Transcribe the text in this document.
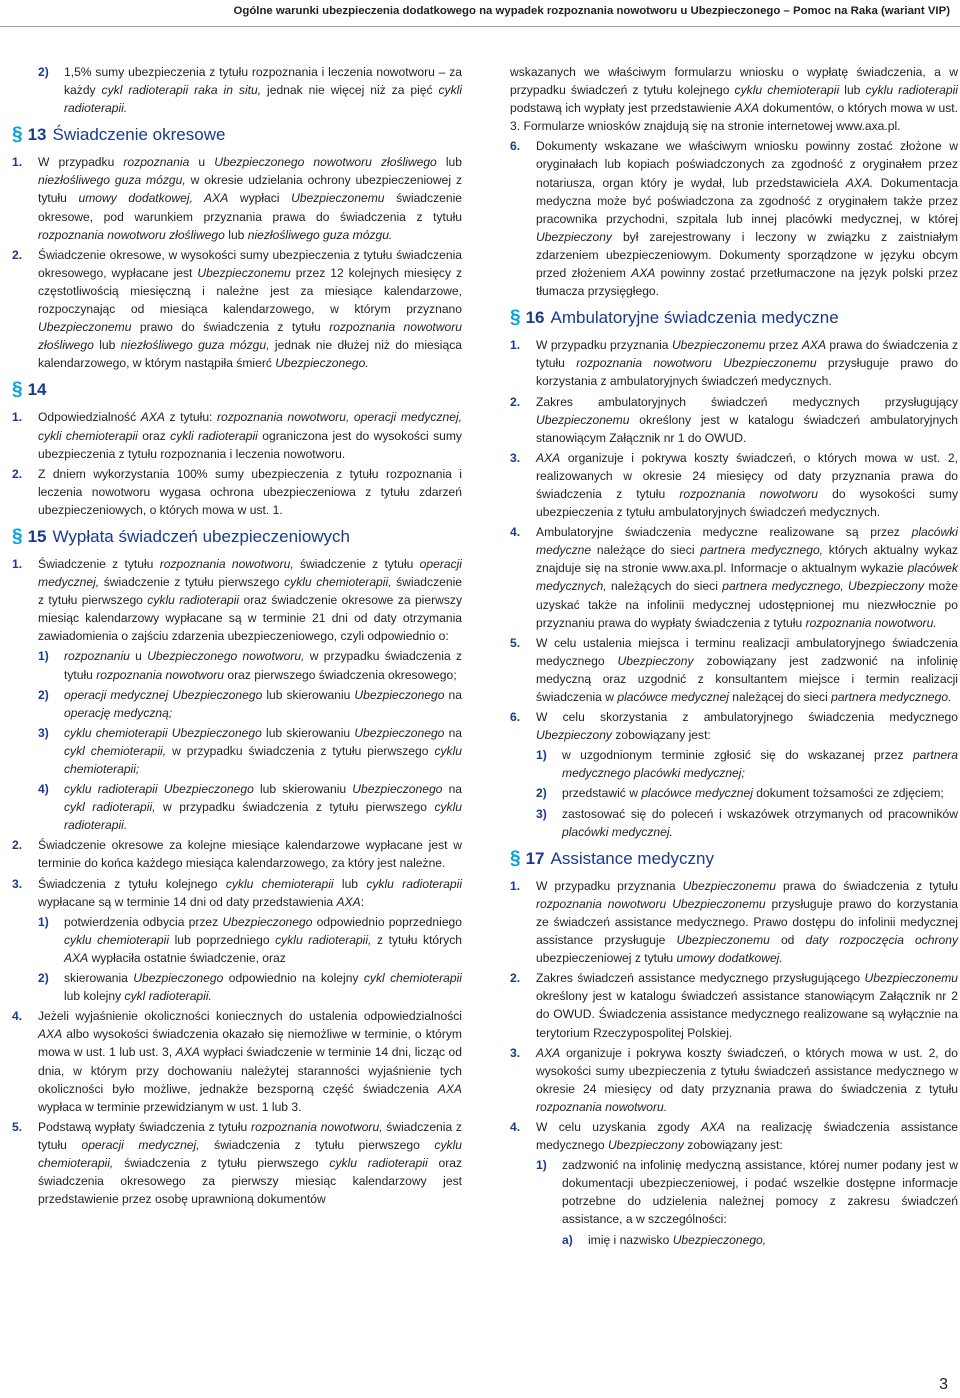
Ogólne warunki ubezpieczenia dodatkowego na wypadek rozpoznania nowotworu u Ubezpieczonego – Pomoc na Raka (wariant VIP)
2)	1,5% sumy ubezpieczenia z tytułu rozpoznania i leczenia nowotworu – za każdy cykl radioterapii raka in situ, jednak nie więcej niż za pięć cykli radioterapii.
§ 13 Świadczenie okresowe
1.	W przypadku rozpoznania u Ubezpieczonego nowotworu złośliwego lub niezłośliwego guza mózgu, w okresie udzielania ochrony ubezpieczeniowej z tytułu umowy dodatkowej, AXA wypłaci Ubezpieczonemu świadczenie okresowe, pod warunkiem przyznania prawa do świadczenia z tytułu rozpoznania nowotworu złośliwego lub niezłośliwego guza mózgu.
2.	Świadczenie okresowe, w wysokości sumy ubezpieczenia z tytułu świadczenia okresowego, wypłacane jest Ubezpieczonemu przez 12 kolejnych miesięcy z częstotliwością miesięczną i należne jest za miesiące kalendarzowe, rozpoczynając od miesiąca kalendarzowego, w którym przyznano Ubezpieczonemu prawo do świadczenia z tytułu rozpoznania nowotworu złośliwego lub niezłośliwego guza mózgu, jednak nie dłużej niż do miesiąca kalendarzowego, w którym nastąpiła śmierć Ubezpieczonego.
§ 14
1.	Odpowiedzialność AXA z tytułu: rozpoznania nowotworu, operacji medycznej, cykli chemioterapii oraz cykli radioterapii ograniczona jest do wysokości sumy ubezpieczenia z tytułu rozpoznania i leczenia nowotworu.
2.	Z dniem wykorzystania 100% sumy ubezpieczenia z tytułu rozpoznania i leczenia nowotworu wygasa ochrona ubezpieczeniowa z tytułu zdarzeń ubezpieczeniowych, o których mowa w ust. 1.
§ 15 Wypłata świadczeń ubezpieczeniowych
1.	Świadczenie z tytułu rozpoznania nowotworu, świadczenie z tytułu operacji medycznej, świadczenie z tytułu pierwszego cyklu chemioterapii, świadczenie z tytułu pierwszego cyklu radioterapii oraz świadczenie okresowe za pierwszy miesiąc kalendarzowy wypłacane są w terminie 21 dni od daty otrzymania zawiadomienia o zajściu zdarzenia ubezpieczeniowego, czyli odpowiednio o:
1)	rozpoznaniu u Ubezpieczonego nowotworu, w przypadku świadczenia z tytułu rozpoznania nowotworu oraz pierwszego świadczenia okresowego;
2)	operacji medycznej Ubezpieczonego lub skierowaniu Ubezpieczonego na operację medyczną;
3)	cyklu chemioterapii Ubezpieczonego lub skierowaniu Ubezpieczonego na cykl chemioterapii, w przypadku świadczenia z tytułu pierwszego cyklu chemioterapii;
4)	cyklu radioterapii Ubezpieczonego lub skierowaniu Ubezpieczonego na cykl radioterapii, w przypadku świadczenia z tytułu pierwszego cyklu radioterapii.
2.	Świadczenie okresowe za kolejne miesiące kalendarzowe wypłacane jest w terminie do końca każdego miesiąca kalendarzowego, za który jest należne.
3.	Świadczenia z tytułu kolejnego cyklu chemioterapii lub cyklu radioterapii wypłacane są w terminie 14 dni od daty przedstawienia AXA:
1)	potwierdzenia odbycia przez Ubezpieczonego odpowiednio poprzedniego cyklu chemioterapii lub poprzedniego cyklu radioterapii, z tytułu których AXA wypłaciła ostatnie świadczenie, oraz
2)	skierowania Ubezpieczonego odpowiednio na kolejny cykl chemioterapii lub kolejny cykl radioterapii.
4.	Jeżeli wyjaśnienie okoliczności koniecznych do ustalenia odpowiedzialności AXA albo wysokości świadczenia okazało się niemożliwe w terminie, o którym mowa w ust. 1 lub ust. 3, AXA wypłaci świadczenie w terminie 14 dni, licząc od dnia, w którym przy dochowaniu należytej staranności wyjaśnienie tych okoliczności było możliwe, jednakże bezsporną część świadczenia AXA wypłaca w terminie przewidzianym w ust. 1 lub 3.
5.	Podstawą wypłaty świadczenia z tytułu rozpoznania nowotworu, świadczenia z tytułu operacji medycznej, świadczenia z tytułu pierwszego cyklu chemioterapii, świadczenia z tytułu pierwszego cyklu radioterapii oraz świadczenia okresowego za pierwszy miesiąc kalendarzowy jest przedstawienie przez osobę uprawnioną dokumentów
wskazanych we właściwym formularzu wniosku o wypłatę świadczenia, a w przypadku świadczeń z tytułu kolejnego cyklu chemioterapii lub cyklu radioterapii podstawą ich wypłaty jest przedstawienie AXA dokumentów, o których mowa w ust. 3. Formularze wniosków znajdują się na stronie internetowej www.axa.pl.
6.	Dokumenty wskazane we właściwym wniosku powinny zostać złożone w oryginałach lub kopiach poświadczonych za zgodność z oryginałem przez notariusza, organ który je wydał, lub przedstawiciela AXA. Dokumentacja medyczna może być poświadczona za zgodność z oryginałem także przez pracownika przychodni, szpitala lub innej placówki medycznej, w której Ubezpieczony był zarejestrowany i leczony w związku z zaistniałym zdarzeniem ubezpieczeniowym. Dokumenty sporządzone w języku obcym przed złożeniem AXA powinny zostać przetłumaczone na język polski przez tłumacza przysięgłego.
§ 16 Ambulatoryjne świadczenia medyczne
1.	W przypadku przyznania Ubezpieczonemu przez AXA prawa do świadczenia z tytułu rozpoznania nowotworu Ubezpieczonemu przysługuje prawo do korzystania z ambulatoryjnych świadczeń medycznych.
2.	Zakres ambulatoryjnych świadczeń medycznych przysługujący Ubezpieczonemu określony jest w katalogu świadczeń ambulatoryjnych stanowiącym Załącznik nr 1 do OWUD.
3.	AXA organizuje i pokrywa koszty świadczeń, o których mowa w ust. 2, realizowanych w okresie 24 miesięcy od daty przyznania prawa do świadczenia z tytułu rozpoznania nowotworu do wysokości sumy ubezpieczenia z tytułu ambulatoryjnych świadczeń medycznych.
4.	Ambulatoryjne świadczenia medyczne realizowane są przez placówki medyczne należące do sieci partnera medycznego, których aktualny wykaz znajduje się na stronie www.axa.pl. Informacje o aktualnym wykazie placówek medycznych, należących do sieci partnera medycznego, Ubezpieczony może uzyskać także na infolinii medycznej udostępnionej mu niezwłocznie po przyznaniu prawa do wypłaty świadczenia z tytułu rozpoznania nowotworu.
5.	W celu ustalenia miejsca i terminu realizacji ambulatoryjnego świadczenia medycznego Ubezpieczony zobowiązany jest zadzwonić na infolinię medyczną oraz uzgodnić z konsultantem miejsce i termin realizacji świadczenia w placówce medycznej należącej do sieci partnera medycznego.
6.	W celu skorzystania z ambulatoryjnego świadczenia medycznego Ubezpieczony zobowiązany jest:
1)	w uzgodnionym terminie zgłosić się do wskazanej przez partnera medycznego placówki medycznej;
2)	przedstawić w placówce medycznej dokument tożsamości ze zdjęciem;
3)	zastosować się do poleceń i wskazówek otrzymanych od pracowników placówki medycznej.
§ 17 Assistance medyczny
1.	W przypadku przyznania Ubezpieczonemu prawa do świadczenia z tytułu rozpoznania nowotworu Ubezpieczonemu przysługuje prawo do korzystania ze świadczeń assistance medycznego. Prawo dostępu do infolinii medycznej assistance przysługuje Ubezpieczonemu od daty rozpoczęcia ochrony ubezpieczeniowej z tytułu umowy dodatkowej.
2.	Zakres świadczeń assistance medycznego przysługującego Ubezpieczonemu określony jest w katalogu świadczeń assistance stanowiącym Załącznik nr 2 do OWUD. Świadczenia assistance medycznego realizowane są wyłącznie na terytorium Rzeczypospolitej Polskiej.
3.	AXA organizuje i pokrywa koszty świadczeń, o których mowa w ust. 2, do wysokości sumy ubezpieczenia z tytułu świadczeń assistance medycznego w okresie 24 miesięcy od daty przyznania prawa do świadczenia z tytułu rozpoznania nowotworu.
4.	W celu uzyskania zgody AXA na realizację świadczenia assistance medycznego Ubezpieczony zobowiązany jest:
1)	zadzwonić na infolinię medyczną assistance, której numer podany jest w dokumentacji ubezpieczeniowej, i podać wszelkie dostępne informacje potrzebne do udzielenia należnej pomocy z zakresu świadczeń assistance, a w szczególności:
a)	imię i nazwisko Ubezpieczonego,
3
